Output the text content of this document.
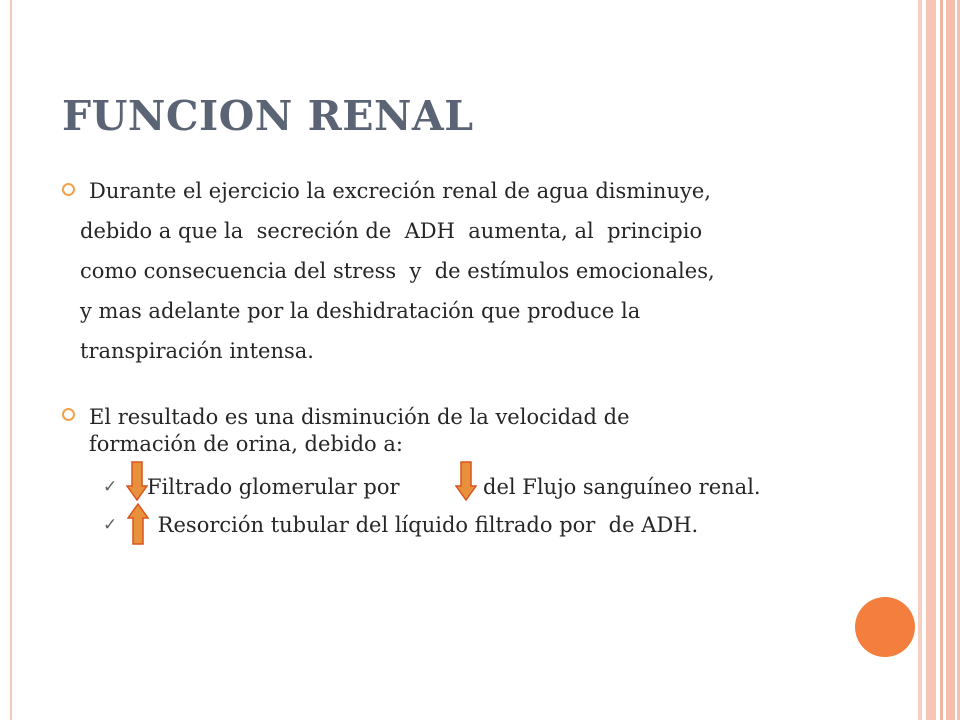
FUNCION RENAL
Durante el ejercicio la excreción renal de agua disminuye,
debido a que la  secreción de  ADH  aumenta, al  principio
como consecuencia del stress  y  de estímulos emocionales,
y mas adelante por la deshidratación que produce la
transpiración intensa.
El resultado es una disminución de la velocidad de
formación de orina, debido a:
✓ Filtrado glomerular por	del Flujo sanguíneo renal.
✓ Resorción tubular del líquido filtrado por  de ADH.
